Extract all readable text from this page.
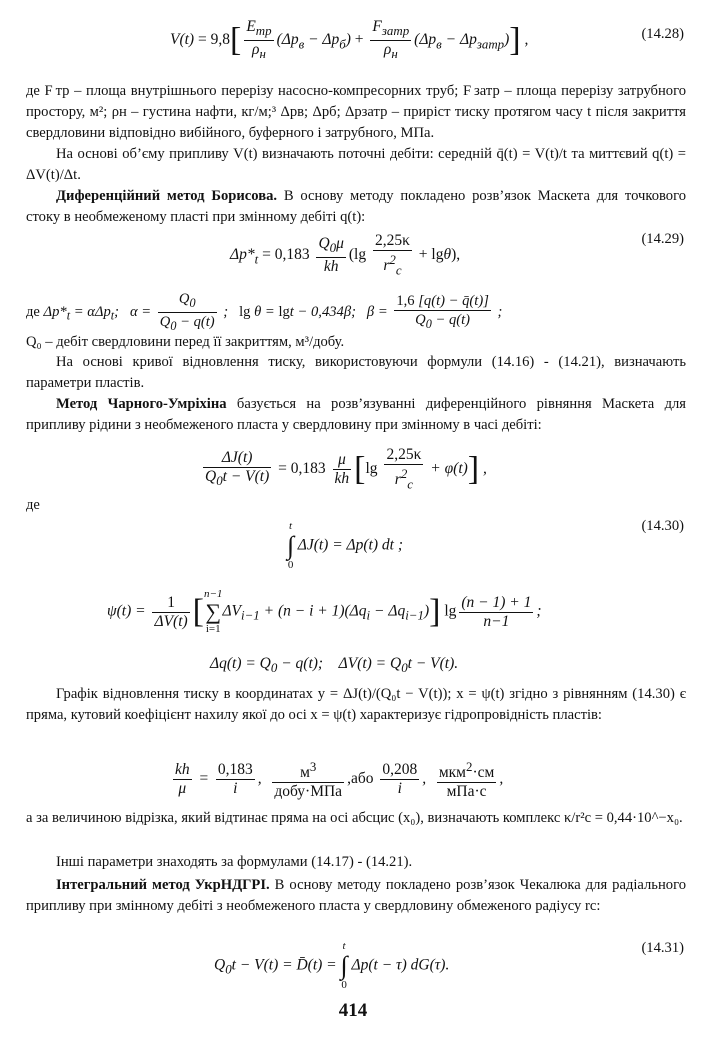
V(t) = 9,8[ $E_{тр}$
$\rho_н$
$(\Delta p_в - \Delta p_б)$ +
$F_{затр}$
$\rho_н$
$(\Delta p_в - \Delta p_{затр})$] ,	(14.28)

де F тр – площа внутрішнього перерізу насосно-компресорних труб; F затр – площа перерізу затрубного простору, м²; ρн – густина нафти, кг/м;³ Δpв; Δpб; Δpзатр – приріст тиску протягом часу t після закриття свердловини відповідно вибійного, буферного і затрубного, МПа.

На основі об’єму припливу V(t) визначають поточні дебіти: середній q̄(t) = V(t)/t та миттєвий q(t) = ΔV(t)/Δt.

Диференційний метод Борисова. В основу методу покладено розв’язок Маскета для точкового стоку в необмеженому пласті при змінному дебіті q(t):

$\Delta p*_t = 0,183 \frac{Q_0\mu}{kh} (\lg \frac{2,25\kappa}{r^2_c} + \lg\theta)$,
(14.29)
де $\Delta p*_t = \alpha\Delta p_t$;   $\alpha = \frac{Q_0}{Q_0 - q(t)}$ ;   lg θ = lgt − 0,434β;   $\beta = \frac{1,6 [q(t) - q̄(t)]}{Q_0 - q(t)}$ ;

Q₀ – дебіт свердловини перед її закриттям, м³/добу.

На основі кривої відновлення тиску, використовуючи формули (14.16) - (14.21), визначають параметри пластів.

Метод Чарного-Умріхіна базується на розв’язуванні диференційного рівняння Маскета для припливу рідини з необмеженого пласта у свердловину при змінному в часі дебіті:

$\frac{\Delta J(t)}{Q_0t - V(t)} = 0,183 \frac{\mu}{kh} [\lg \frac{2,25\kappa}{r^2_c} + \varphi(t)]$ ,

де

(14.30)
t
∫
0 ΔJ(t) = Δp(t) dt ;
$\psi(t) = \frac{1}{\Delta V(t)} [n-1$
∑
$i=1\Delta V_{i-1} + (n - i + 1)(\Delta q_i - \Delta q_{i-1})$] $\lg \frac{(n - 1) + 1}{n-1}$ ;
$\Delta q(t) = Q_0 - q(t)$;    $\Delta V(t) = Q_0t - V(t)$.

Графік відновлення тиску в координатах y = ΔJ(t)/(Q₀t − V(t)); x = ψ(t) згідно з рівнянням (14.30) є пряма, кутовий коефіцієнт нахилу якої до осі x = ψ(t) характеризує гідропровідність пластів:

$\frac{kh}{\mu} = \frac{0,183}{i}$ ,	$м^3$
добу·МПа
$,або \frac{0,208}{i}$ , мкм$^2$·см
мПа·с
,

а за величиною відрізка, який відтинає пряма на осі абсцис (x₀), визначають комплекс κ/r²c = 0,44·10^−x₀.

Інші параметри знаходять за формулами (14.17) - (14.21).

Інтегральний метод УкрНДГРІ. В основу методу покладено розв’язок Чекалюка для радіального припливу при змінному дебіті з необмеженого пласта у свердловину обмеженого радіусу rc:

(14.31)
$Q_0t - V(t)$ = D̄(t) = t
∫
0 Δp(t − τ) dG(τ).
414
